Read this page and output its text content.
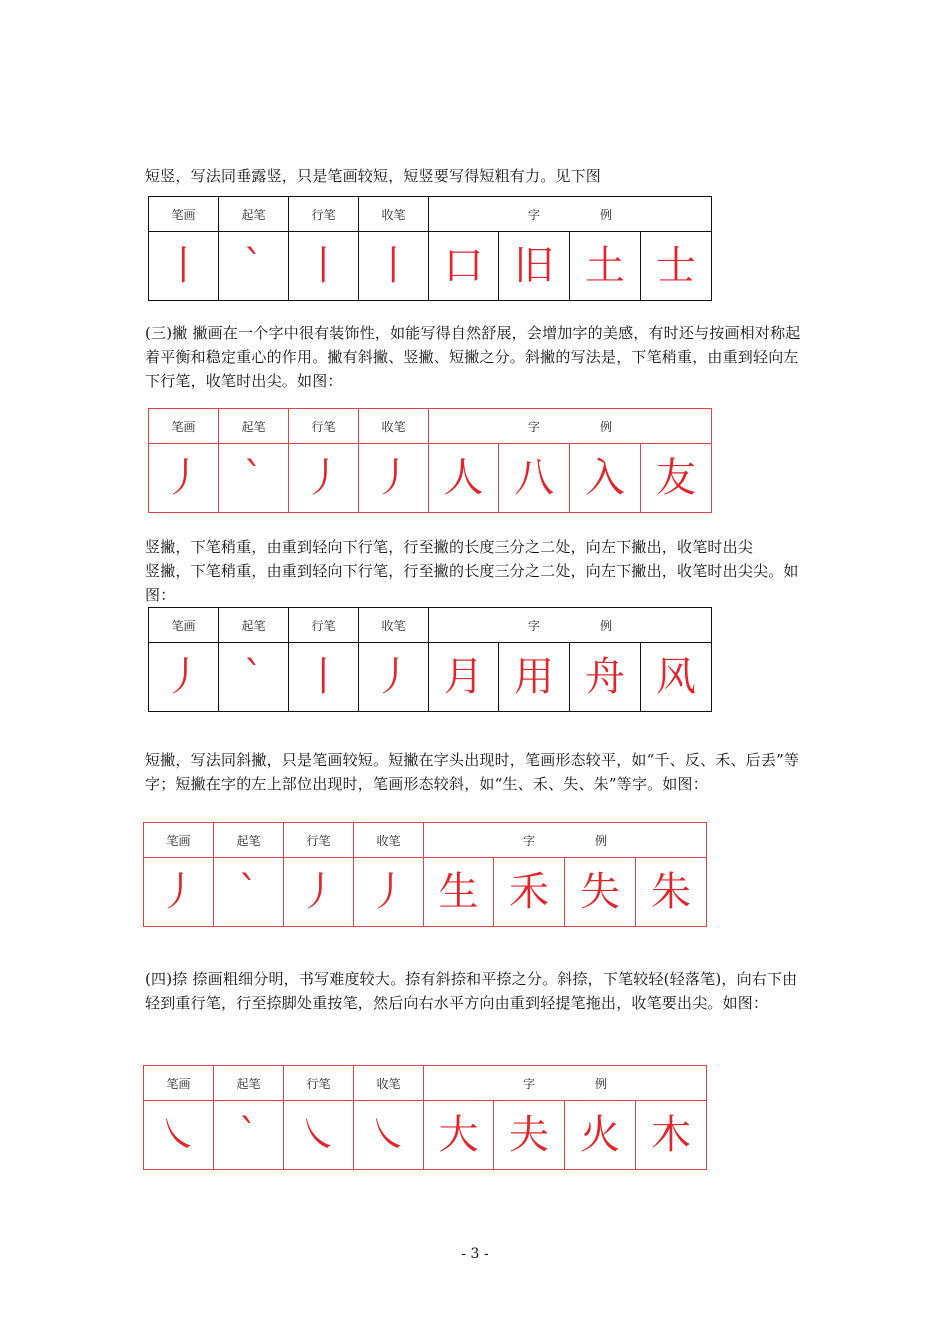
短竖，写法同垂露竖，只是笔画较短，短竖要写得短粗有力。见下图

笔画	起笔	行笔	收笔	字 例			
丨	`	丨	丨	口	旧	土	士

(三)撇 撇画在一个字中很有装饰性，如能写得自然舒展，会增加字的美感，有时还与按画相对称起着平衡和稳定重心的作用。撇有斜撇、竖撇、短撇之分。斜撇的写法是，下笔稍重，由重到轻向左下行笔，收笔时出尖。如图：

笔画	起笔	行笔	收笔	字 例			
丿	`	丿	丿	人	八	入	友

竖撇，下笔稍重，由重到轻向下行笔，行至撇的长度三分之二处，向左下撇出，收笔时出尖

竖撇，下笔稍重，由重到轻向下行笔，行至撇的长度三分之二处，向左下撇出，收笔时出尖尖。如图：

笔画	起笔	行笔	收笔	字 例			
丿	`	丨	丿	月	用	舟	风

短撇，写法同斜撇，只是笔画较短。短撇在字头出现时，笔画形态较平，如“千、反、禾、后丢”等字；短撇在字的左上部位出现时，笔画形态较斜，如“生、禾、失、朱”等字。如图：

笔画	起笔	行笔	收笔	字 例			
丿	`	丿	丿	生	禾	失	朱

(四)捺 捺画粗细分明，书写难度较大。捺有斜捺和平捺之分。斜捺，下笔较轻(轻落笔)，向右下由轻到重行笔，行至捺脚处重按笔，然后向右水平方向由重到轻提笔拖出，收笔要出尖。如图：

笔画	起笔	行笔	收笔	字 例			
㇏	`	㇏	㇏	大	夫	火	木

- 3 -
